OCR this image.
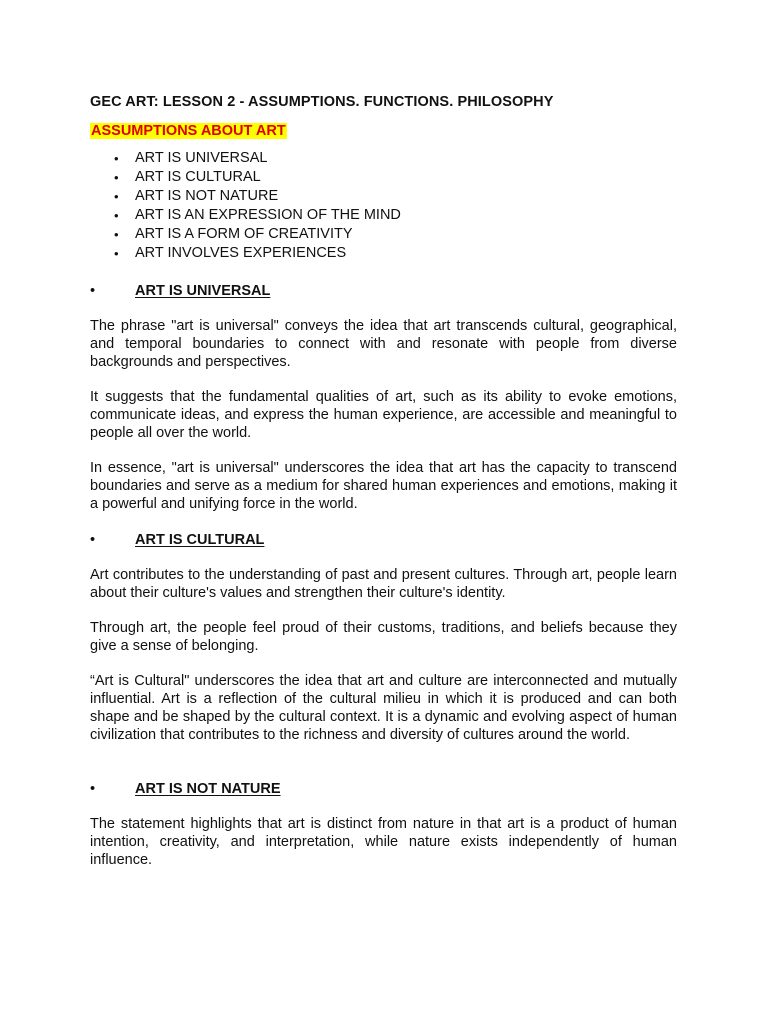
GEC ART: LESSON 2 - ASSUMPTIONS. FUNCTIONS. PHILOSOPHY

ASSUMPTIONS ABOUT ART

• ART IS UNIVERSAL
• ART IS CULTURAL
• ART IS NOT NATURE
• ART IS AN EXPRESSION OF THE MIND
• ART IS A FORM OF CREATIVITY
• ART INVOLVES EXPERIENCES
•	ART IS UNIVERSAL

The phrase "art is universal" conveys the idea that art transcends cultural, geographical, and temporal boundaries to connect with and resonate with people from diverse backgrounds and perspectives.

It suggests that the fundamental qualities of art, such as its ability to evoke emotions, communicate ideas, and express the human experience, are accessible and meaningful to people all over the world.

In essence, "art is universal" underscores the idea that art has the capacity to transcend boundaries and serve as a medium for shared human experiences and emotions, making it a powerful and unifying force in the world.

•	ART IS CULTURAL

Art contributes to the understanding of past and present cultures. Through art, people learn about their culture's values and strengthen their culture's identity.

Through art, the people feel proud of their customs, traditions, and beliefs because they give a sense of belonging.

“Art is Cultural" underscores the idea that art and culture are interconnected and mutually influential. Art is a reflection of the cultural milieu in which it is produced and can both shape and be shaped by the cultural context. It is a dynamic and evolving aspect of human civilization that contributes to the richness and diversity of cultures around the world.

•	ART IS NOT NATURE

The statement highlights that art is distinct from nature in that art is a product of human intention, creativity, and interpretation, while nature exists independently of human influence.
